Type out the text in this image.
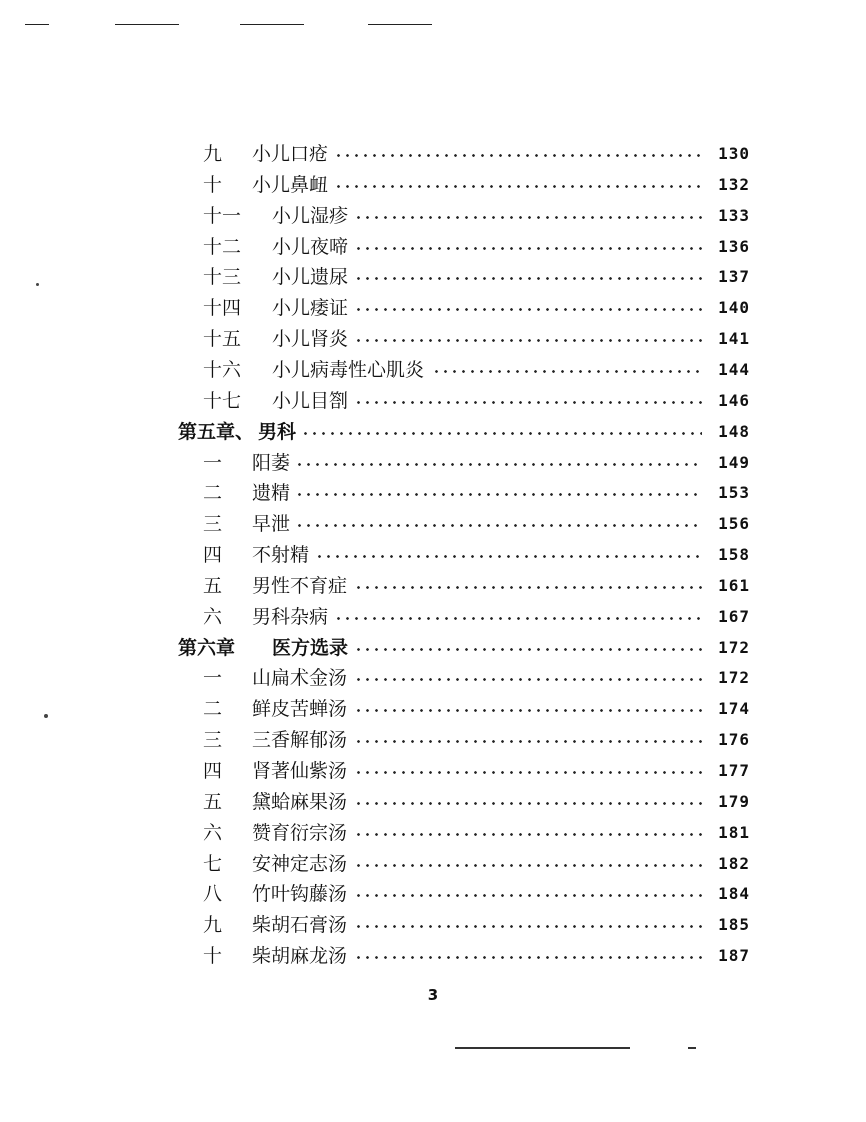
九 小儿口疮	130
十 小儿鼻衄	132
十一 小儿湿疹	133
十二 小儿夜啼	136
十三 小儿遗尿	137
十四 小儿痿证	140
十五 小儿肾炎	141
十六 小儿病毒性心肌炎	144
十七 小儿目劄	146
第五章、 男科	148
一 阳萎	149
二 遗精	153
三 早泄	156
四 不射精	158
五 男性不育症	161
六 男科杂病	167
第六章 医方选录	172
一 山扁术金汤	172
二 鲜皮苦蝉汤	174
三 三香解郁汤	176
四 肾著仙紫汤	177
五 黛蛤麻果汤	179
六 赞育衍宗汤	181
七 安神定志汤	182
八 竹叶钩藤汤	184
九 柴胡石膏汤	185
十 柴胡麻龙汤	187
3
